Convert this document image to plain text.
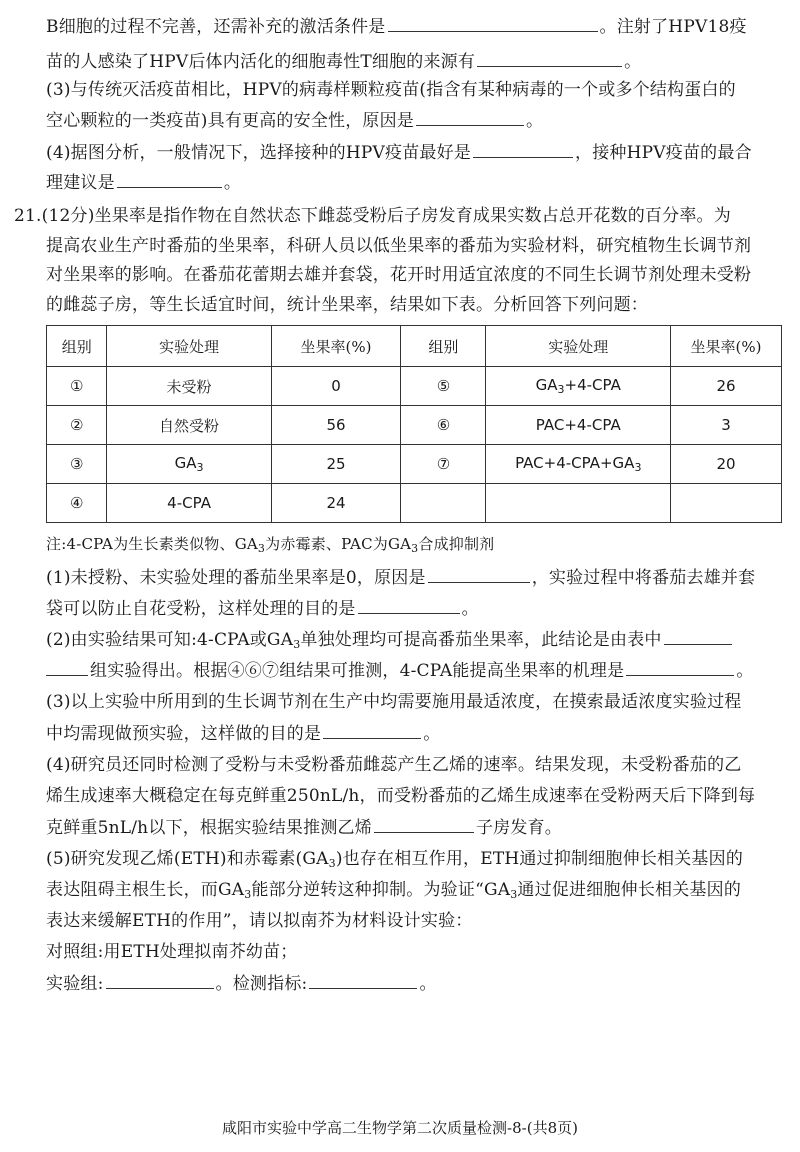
B细胞的过程不完善，还需补充的激活条件是	。注射了HPV18疫
苗的人感染了HPV后体内活化的细胞毒性T细胞的来源有	。
(3)与传统灭活疫苗相比，HPV的病毒样颗粒疫苗(指含有某种病毒的一个或多个结构蛋白的
空心颗粒的一类疫苗)具有更高的安全性，原因是	。
(4)据图分析，一般情况下，选择接种的HPV疫苗最好是	，接种HPV疫苗的最合
理建议是	。
21.(12分)坐果率是指作物在自然状态下雌蕊受粉后子房发育成果实数占总开花数的百分率。为
提高农业生产时番茄的坐果率，科研人员以低坐果率的番茄为实验材料，研究植物生长调节剂
对坐果率的影响。在番茄花蕾期去雄并套袋，花开时用适宜浓度的不同生长调节剂处理未受粉
的雌蕊子房，等生长适宜时间，统计坐果率，结果如下表。分析回答下列问题：
组别	实验处理	坐果率(%)	组别	实验处理	坐果率(%)
①	未受粉	0	⑤	$GA_3+4$-CPA	26
②	自然受粉	56	⑥	PAC+4-CPA	3
③	$GA_3$	25	⑦	$PAC+4-CPA+GA_3$	20
④	4-CPA	24			
注:4-CPA为生长素类似物、$GA_3$为赤霉素、PAC为$GA_3$合成抑制剂
(1)未授粉、未实验处理的番茄坐果率是0，原因是	，实验过程中将番茄去雄并套
袋可以防止自花受粉，这样处理的目的是	。
(2)由实验结果可知:4-CPA或$GA_3$单独处理均可提高番茄坐果率，此结论是由表中
组实验得出。根据④⑥⑦组结果可推测，4-CPA能提高坐果率的机理是	。
(3)以上实验中所用到的生长调节剂在生产中均需要施用最适浓度，在摸索最适浓度实验过程
中均需现做预实验，这样做的目的是	。
(4)研究员还同时检测了受粉与未受粉番茄雌蕊产生乙烯的速率。结果发现，未受粉番茄的乙
烯生成速率大概稳定在每克鲜重250nL/h，而受粉番茄的乙烯生成速率在受粉两天后下降到每
克鲜重5nL/h以下，根据实验结果推测乙烯	子房发育。
(5)研究发现乙烯(ETH)和赤霉素$(GA_3)$也存在相互作用，ETH通过抑制细胞伸长相关基因的
表达阻碍主根生长，而$GA_3$能部分逆转这种抑制。为验证“$GA_3$通过促进细胞伸长相关基因的
表达来缓解ETH的作用”，请以拟南芥为材料设计实验：
对照组:用ETH处理拟南芥幼苗；
实验组:	。检测指标:	。
咸阳市实验中学高二生物学第二次质量检测-8-(共8页)
